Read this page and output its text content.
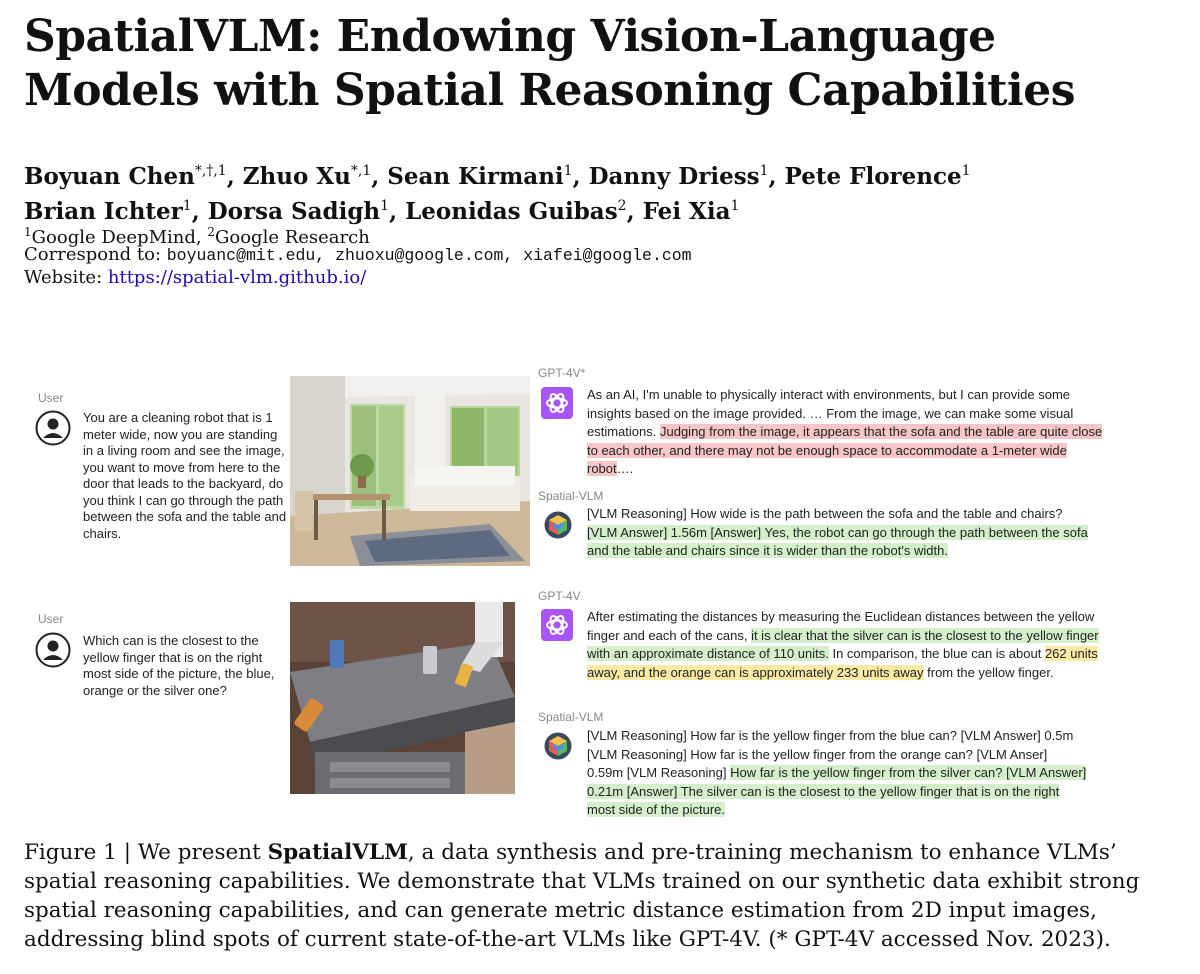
SpatialVLM: Endowing Vision-Language Models with Spatial Reasoning Capabilities
Boyuan Chen$^{*,\dagger,1}$, Zhuo $Xu^{*,1}$, Sean Kirmani$^1$, Danny Driess$^1$, Pete Florence$^1$
Brian Ichter$^1$, Dorsa Sadigh$^1$, Leonidas Guibas$^2$, Fei Xia$^1$
$^1$Google DeepMind, $^2$Google Research
Correspond to: boyuanc@mit.edu, zhuoxu@google.com, xiafei@google.com
Website: https://spatial-vlm.github.io/
User
You are a cleaning robot that is 1 meter wide, now you are standing in a living room and see the image, you want to move from here to the door that leads to the backyard, do you think I can go through the path between the sofa and the table and chairs.
GPT-4V*
As an AI, I'm unable to physically interact with environments, but I can provide some insights based on the image provided. … From the image, we can make some visual estimations. Judging from the image, it appears that the sofa and the table are quite close to each other, and there may not be enough space to accommodate a 1-meter wide robot….
Spatial-VLM
[VLM Reasoning] How wide is the path between the sofa and the table and chairs? [VLM Answer] 1.56m [Answer] Yes, the robot can go through the path between the sofa and the table and chairs since it is wider than the robot's width.
User
Which can is the closest to the yellow finger that is on the right most side of the picture, the blue, orange or the silver one?
GPT-4V
After estimating the distances by measuring the Euclidean distances between the yellow finger and each of the cans, it is clear that the silver can is the closest to the yellow finger with an approximate distance of 110 units. In comparison, the blue can is about 262 units away, and the orange can is approximately 233 units away from the yellow finger.
Spatial-VLM
[VLM Reasoning] How far is the yellow finger from the blue can? [VLM Answer] 0.5m [VLM Reasoning] How far is the yellow finger from the orange can? [VLM Anser] 0.59m [VLM Reasoning] How far is the yellow finger from the silver can? [VLM Answer] 0.21m [Answer] The silver can is the closest to the yellow finger that is on the right most side of the picture.
Figure 1 | We present SpatialVLM, a data synthesis and pre-training mechanism to enhance VLMs’ spatial reasoning capabilities. We demonstrate that VLMs trained on our synthetic data exhibit strong spatial reasoning capabilities, and can generate metric distance estimation from 2D input images, addressing blind spots of current state-of-the-art VLMs like GPT-4V. (* GPT-4V accessed Nov. 2023).
